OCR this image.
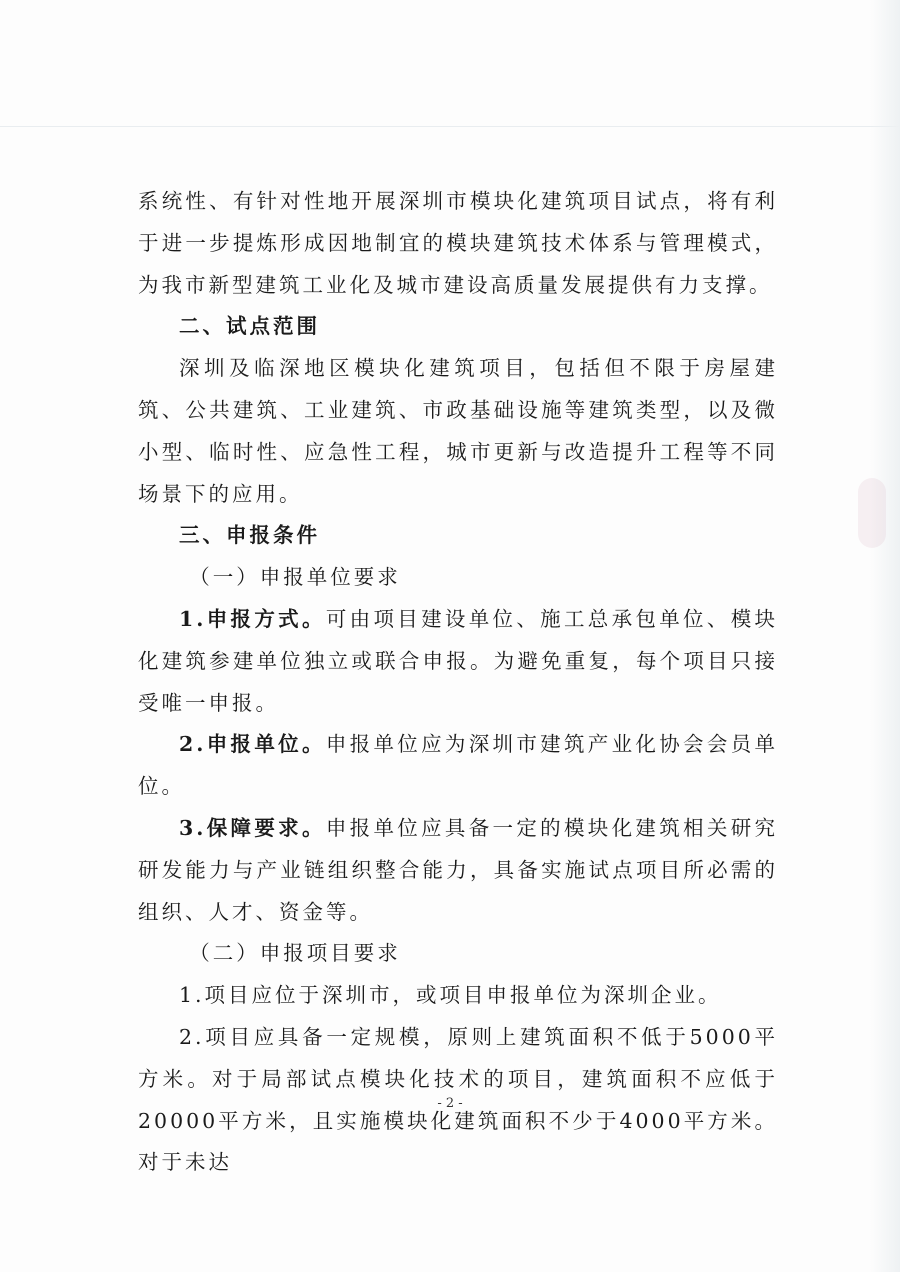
系统性、有针对性地开展深圳市模块化建筑项目试点，将有利于进一步提炼形成因地制宜的模块建筑技术体系与管理模式，为我市新型建筑工业化及城市建设高质量发展提供有力支撑。

二、试点范围

深圳及临深地区模块化建筑项目，包括但不限于房屋建筑、公共建筑、工业建筑、市政基础设施等建筑类型，以及微小型、临时性、应急性工程，城市更新与改造提升工程等不同场景下的应用。

三、申报条件

（一）申报单位要求

1.申报方式。可由项目建设单位、施工总承包单位、模块化建筑参建单位独立或联合申报。为避免重复，每个项目只接受唯一申报。

2.申报单位。申报单位应为深圳市建筑产业化协会会员单位。

3.保障要求。申报单位应具备一定的模块化建筑相关研究研发能力与产业链组织整合能力，具备实施试点项目所必需的组织、人才、资金等。

（二）申报项目要求

1.项目应位于深圳市，或项目申报单位为深圳企业。

2.项目应具备一定规模，原则上建筑面积不低于5000平方米。对于局部试点模块化技术的项目，建筑面积不应低于20000平方米，且实施模块化建筑面积不少于4000平方米。对于未达

- 2 -
